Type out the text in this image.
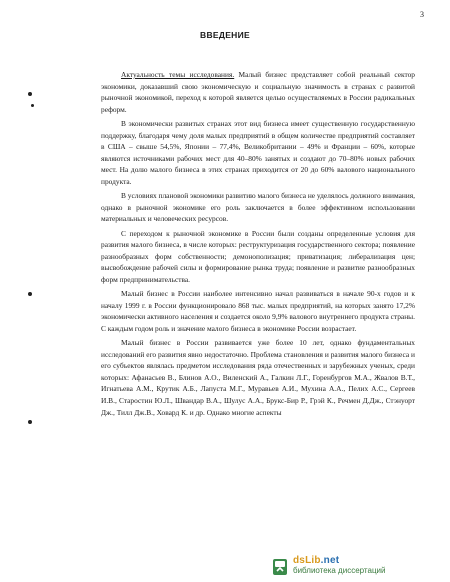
3
ВВЕДЕНИЕ

Актуальность темы исследования. Малый бизнес представляет собой реальный сектор экономики, доказавший свою экономическую и социальную значимость в странах с развитой рыночной экономикой, переход к которой является целью осуществляемых в России радикальных реформ.

В экономически развитых странах этот вид бизнеса имеет существенную государственную поддержку, благодаря чему доля малых предприятий в общем количестве предприятий составляет в США – свыше 54,5%, Японии – 77,4%, Великобритании – 49% и Франции – 60%, которые являются источниками рабочих мест для 40–80% занятых и создают до 70–80% новых рабочих мест. На долю малого бизнеса в этих странах приходится от 20 до 60% валового национального продукта.

В условиях плановой экономики развитию малого бизнеса не уделялось должного внимания, однако в рыночной экономике его роль заключается в более эффективном использовании материальных и человеческих ресурсов.

С переходом к рыночной экономике в России были созданы определенные условия для развития малого бизнеса, в числе которых: реструктуризация государственного сектора; появление разнообразных форм собственности; демонополизация; приватизация; либерализация цен; высвобождение рабочей силы и формирование рынка труда; появление и развитие разнообразных форм предпринимательства.

Малый бизнес в России наиболее интенсивно начал развиваться в начале 90-х годов и к началу 1999 г. в России функционировало 868 тыс. малых предприятий, на которых занято 17,2% экономически активного населения и создается около 9,9% валового внутреннего продукта страны. С каждым годом роль и значение малого бизнеса в экономике России возрастает.

Малый бизнес в России развивается уже более 10 лет, однако фундаментальных исследований его развития явно недостаточно. Проблема становления и развития малого бизнеса и его субъектов являлась предметом исследования ряда отечественных и зарубежных ученых, среди которых: Афанасьев В., Блинов А.О., Виленский А., Галкин Л.Г., Горенбургов М.А., Жвалов В.Т., Игнатьева А.М., Крутик А.Б., Лапуста М.Г., Муравьев А.И., Мухина А.А., Пелих А.С., Сергеев И.В., Старостин Ю.Л., Швандар В.А., Шулус А.А., Брукс-Бир Р., Грэй К., Речмен Д.Дж., Стэнуорт Дж., Тилл Дж.В., Ховард К. и др. Однако многие аспекты

dsLib.net
библиотека диссертаций
